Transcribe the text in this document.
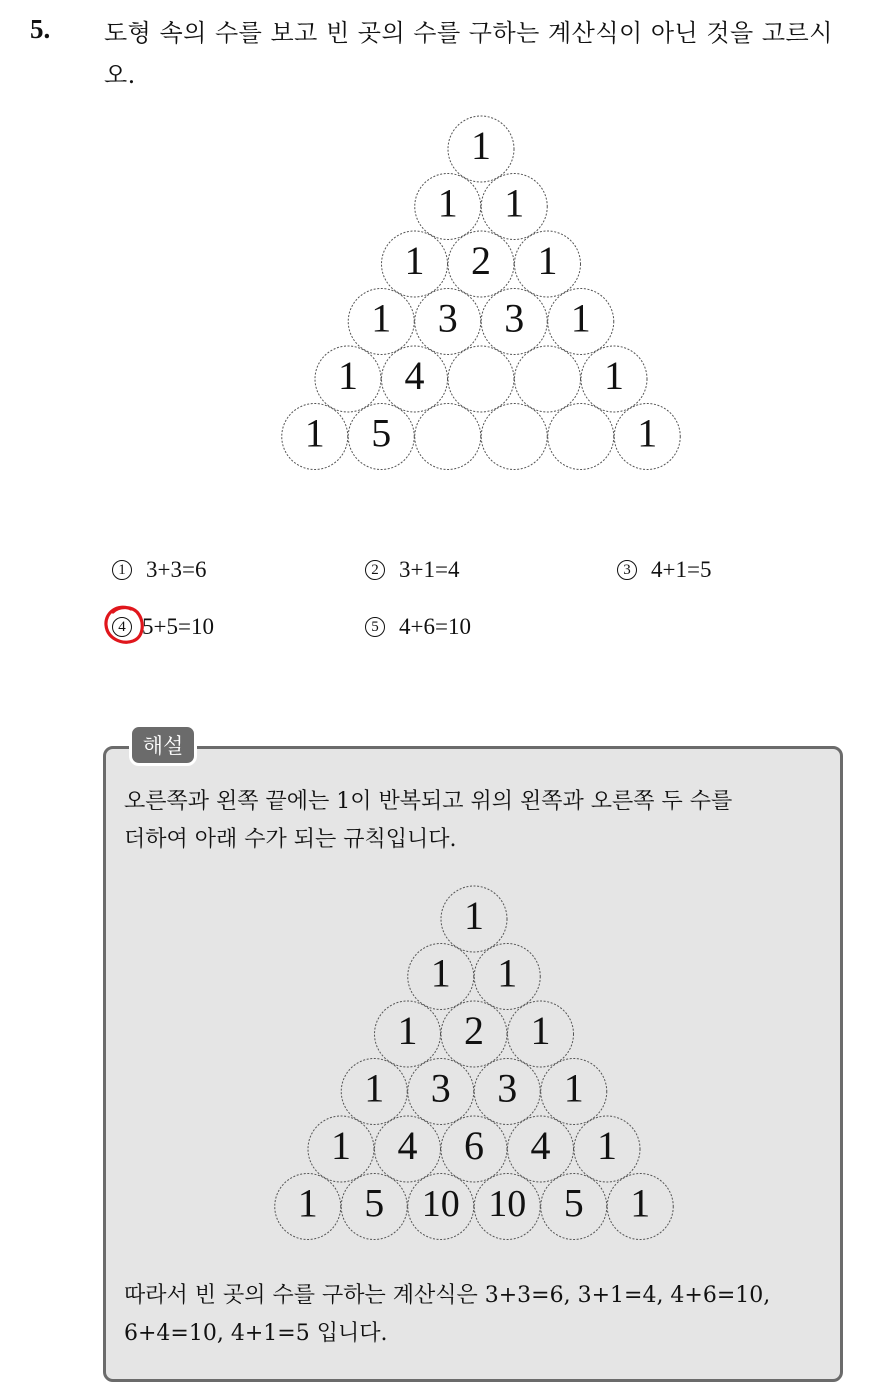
5. 도형 속의 수를 보고 빈 곳의 수를 구하는 계산식이 아닌 것을 고르시오.
1
1 1
1 2 1
1 3 3 1
1 4	1
1 5	1
1 3+3=6	2 3+1=4	3 4+1=5
4 5+5=10	5 4+6=10
해설
오른쪽과 왼쪽 끝에는 1이 반복되고 위의 왼쪽과 오른쪽 두 수를
더하여 아래 수가 되는 규칙입니다.
1
1 1
1 2 1
1 3 3 1
1 4 6 4 1
1 5 10 10 5 1
따라서 빈 곳의 수를 구하는 계산식은 3+3=6, 3+1=4, 4+6=10,
6+4=10, 4+1=5 입니다.
